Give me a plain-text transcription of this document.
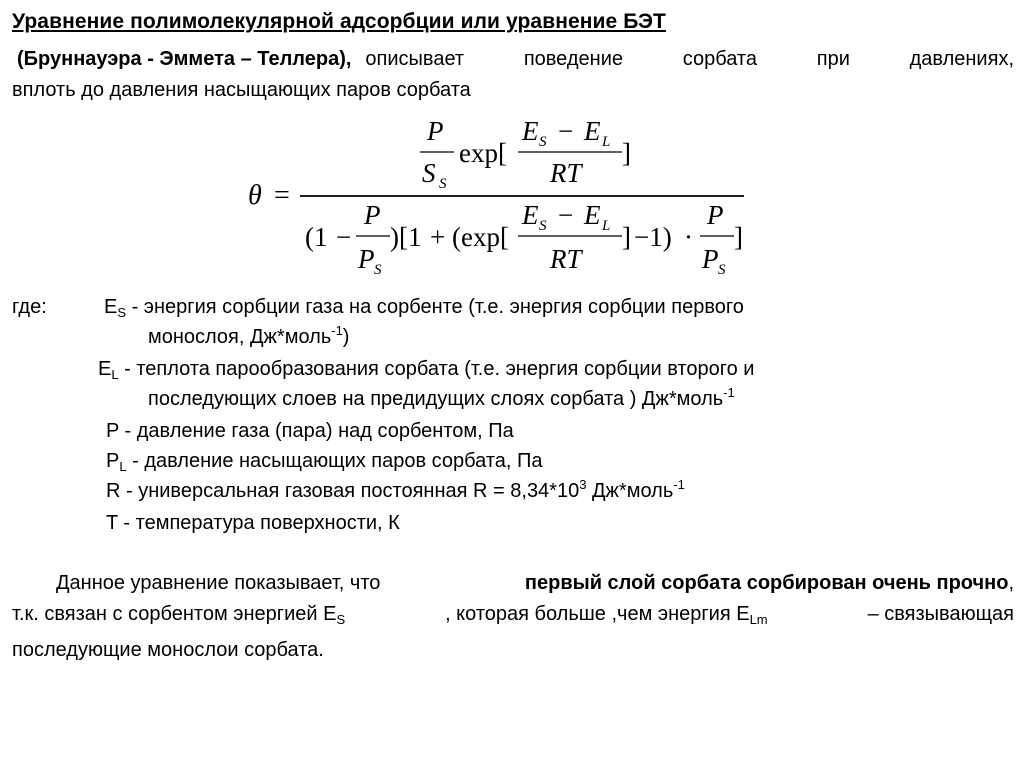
Уравнение полимолекулярной адсорбции или уравнение БЭТ
(Бруннауэра - Эммета – Теллера), описывает поведение сорбата при давлениях,
вплоть до давления насыщающих паров сорбата
θ =
P
S S
exp[
E S − E L
RT
]
(1 −
P
P S
)[1 + (exp[
E S − E L
RT
] −1) ·
P
P S
]
где:	$E_S$ - энергия сорбции газа на сорбенте (т.е. энергия сорбции первого
монослоя, Дж*моль$^{-1}$)
$E_L$ - теплота парообразования сорбата (т.е. энергия сорбции второго и
последующих слоев на предидущих слоях сорбата ) Дж*моль$^{-1}$
P - давление газа (пара) над сорбентом, Па
$P_L$ - давление насыщающих паров сорбата, Па
R - универсальная газовая постоянная $R = 8,34*10^3$ Дж*моль$^{-1}$
T - температура поверхности, К
Данное уравнение показывает, что	первый слой сорбата сорбирован очень прочно,
т.к. связан с сорбентом энергией $E_S$	, которая больше ,чем энергия $E_{Lm}$	– связывающая
последующие монослои сорбата.
